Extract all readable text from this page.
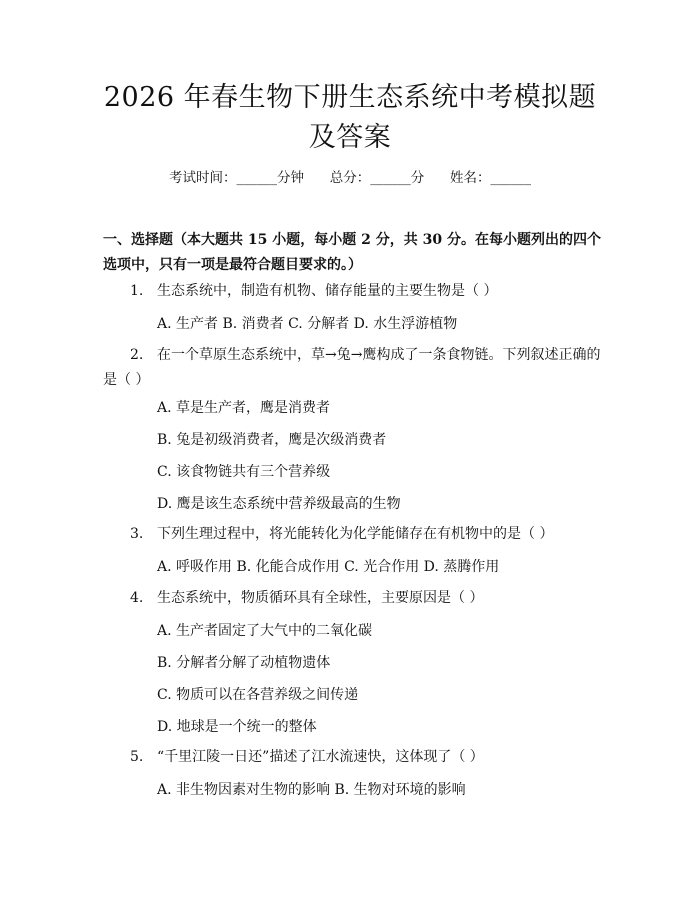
2026 年春生物下册生态系统中考模拟题及答案
考试时间：______分钟 总分：______分 姓名：______
一、选择题（本大题共 15 小题，每小题 2 分，共 30 分。在每小题列出的四个选项中，只有一项是最符合题目要求的。）
1. 生态系统中，制造有机物、储存能量的主要生物是（ ）
A. 生产者 B. 消费者 C. 分解者 D. 水生浮游植物
2. 在一个草原生态系统中，草→兔→鹰构成了一条食物链。下列叙述正确的是（ ）
A. 草是生产者，鹰是消费者
B. 兔是初级消费者，鹰是次级消费者
C. 该食物链共有三个营养级
D. 鹰是该生态系统中营养级最高的生物
3. 下列生理过程中，将光能转化为化学能储存在有机物中的是（ ）
A. 呼吸作用 B. 化能合成作用 C. 光合作用 D. 蒸腾作用
4. 生态系统中，物质循环具有全球性，主要原因是（ ）
A. 生产者固定了大气中的二氧化碳
B. 分解者分解了动植物遗体
C. 物质可以在各营养级之间传递
D. 地球是一个统一的整体
5. “千里江陵一日还”描述了江水流速快，这体现了（ ）
A. 非生物因素对生物的影响 B. 生物对环境的影响
